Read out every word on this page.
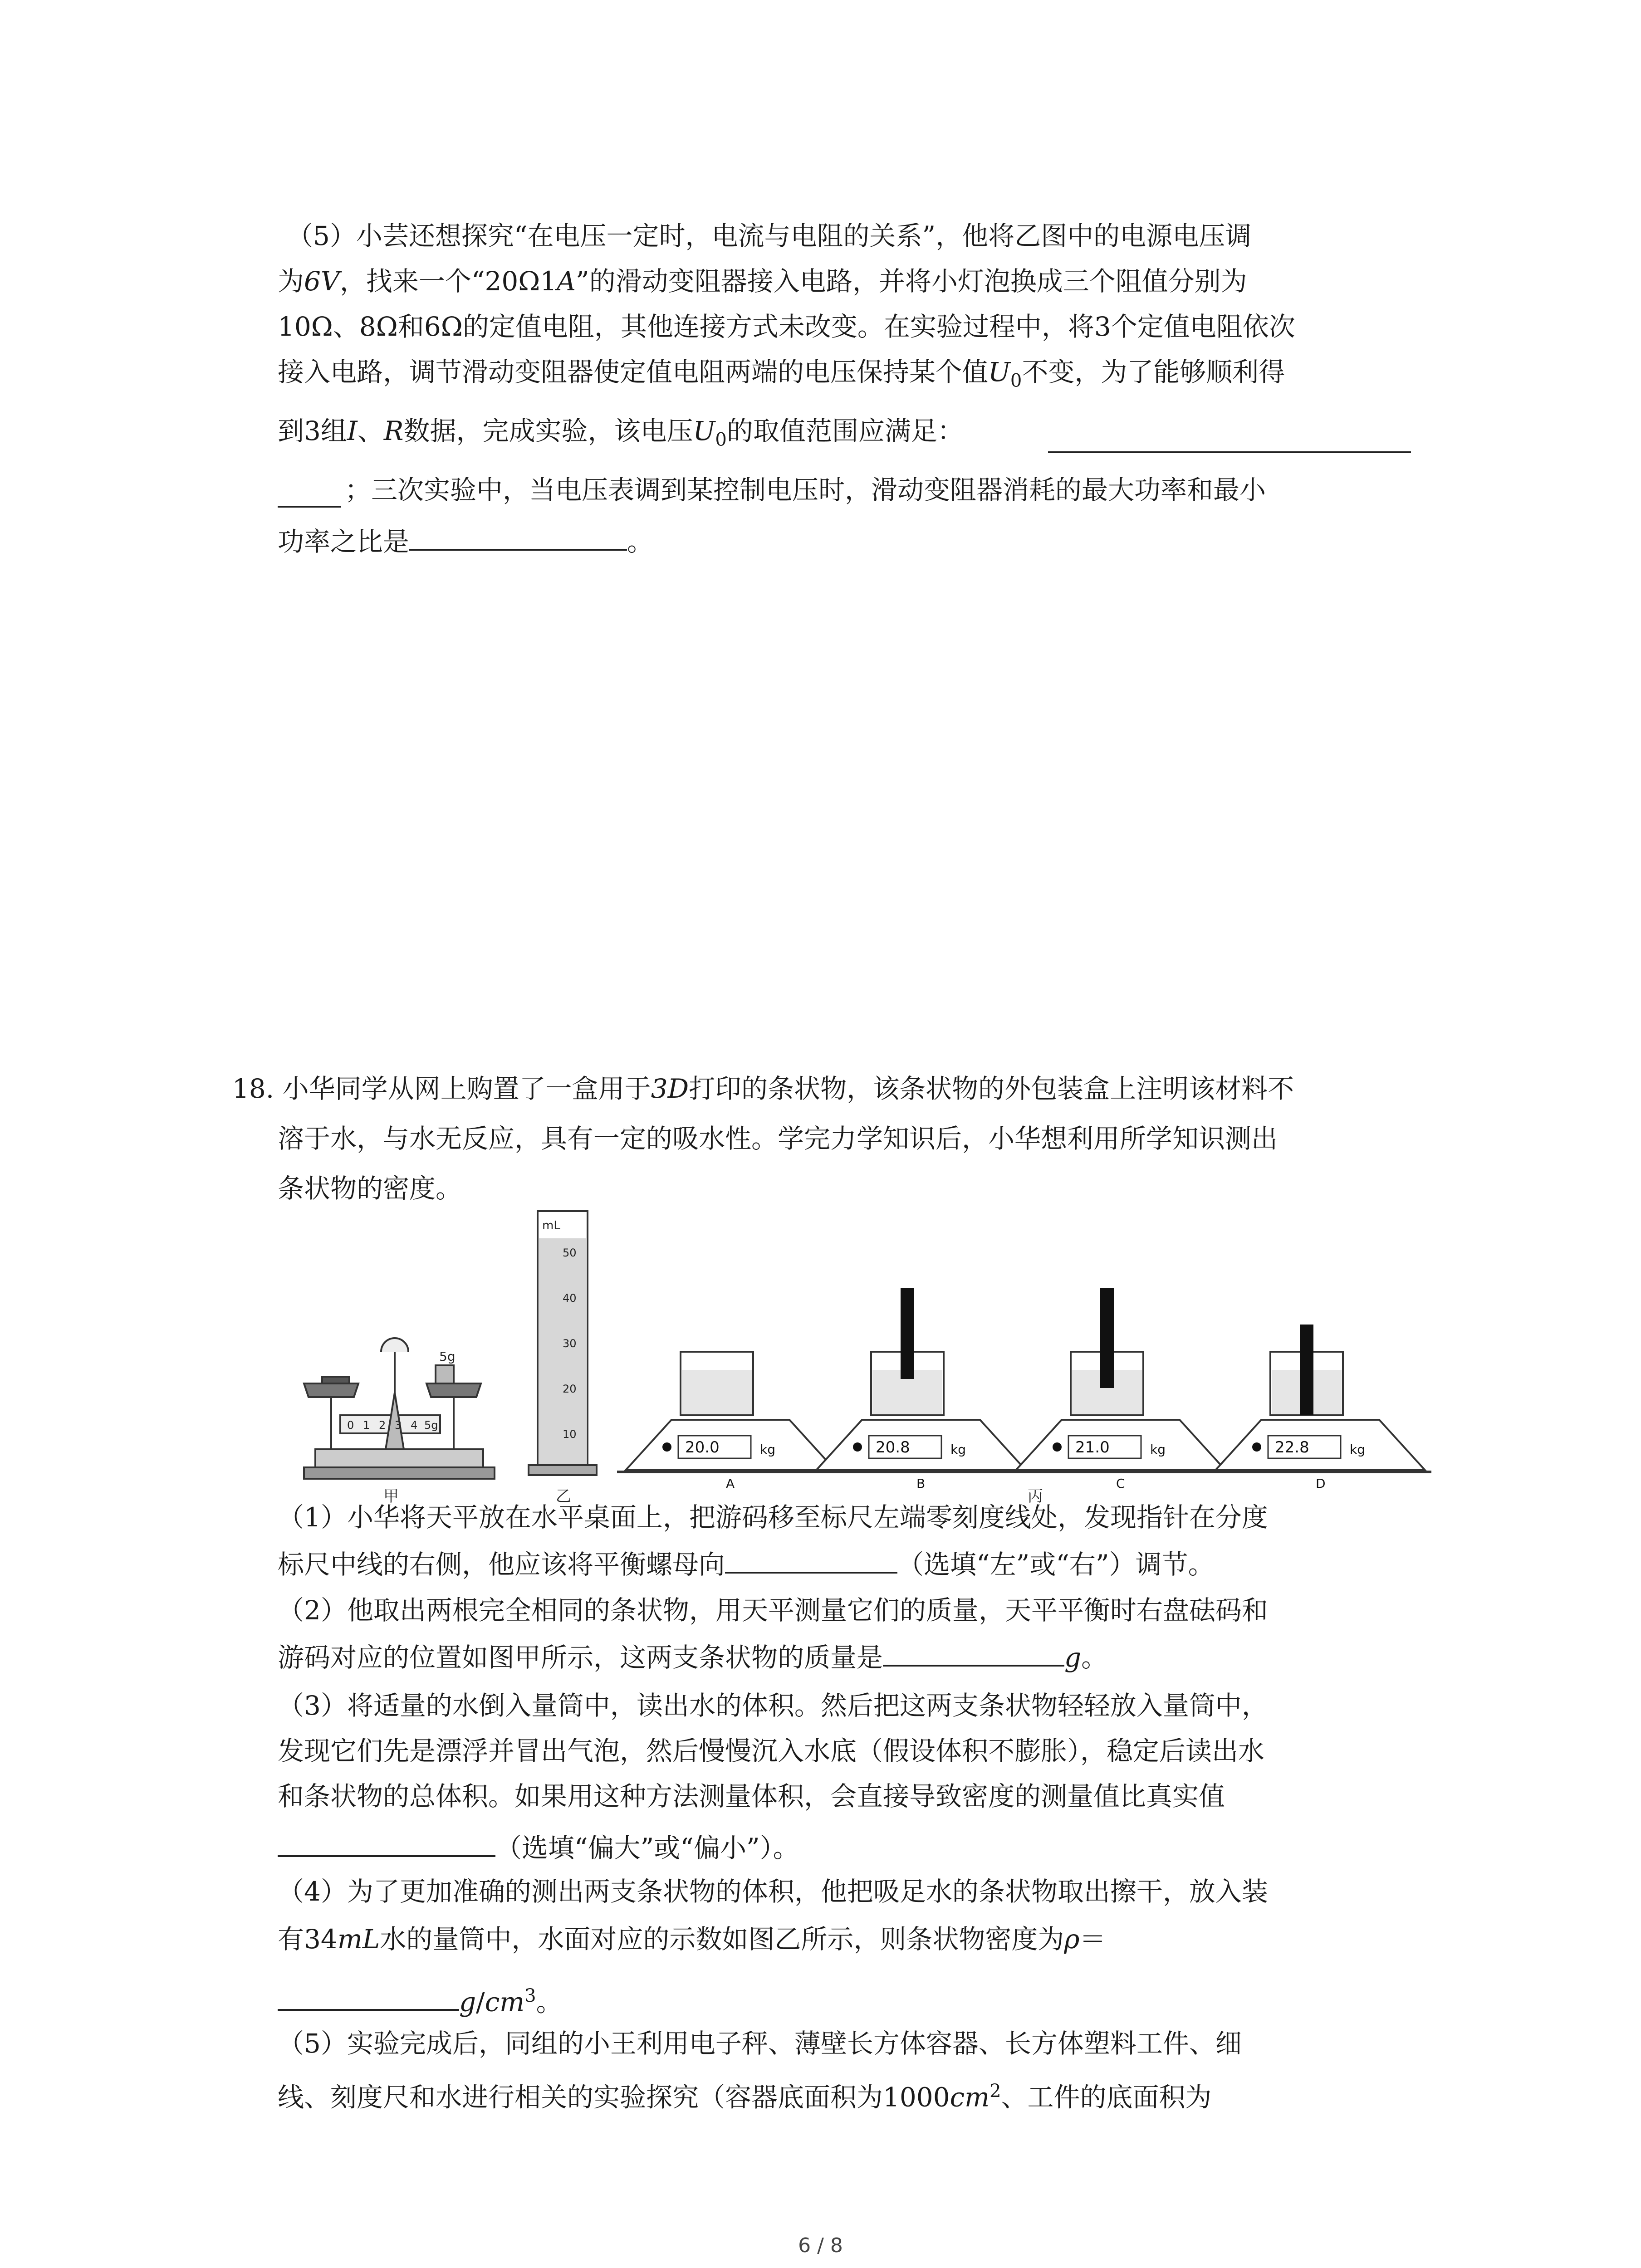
（5）小芸还想探究“在电压一定时，电流与电阻的关系”，他将乙图中的电源电压调
为6V，找来一个“20Ω1A”的滑动变阻器接入电路，并将小灯泡换成三个阻值分别为
10Ω、8Ω和6Ω的定值电阻，其他连接方式未改变。在实验过程中，将3个定值电阻依次
接入电路，调节滑动变阻器使定值电阻两端的电压保持某个值$U_0$不变，为了能够顺利得
到3组I、R数据，完成实验，该电压$U_0$的取值范围应满足：
；三次实验中，当电压表调到某控制电压时，滑动变阻器消耗的最大功率和最小
功率之比是	。
18. 小华同学从网上购置了一盒用于3D打印的条状物，该条状物的外包装盒上注明该材料不
溶于水，与水无反应，具有一定的吸水性。学完力学知识后，小华想利用所学知识测出
条状物的密度。
5g
0 1 2 3 4 5g
甲
mL
50
40
30
20
10
乙
20.0	kg
A
20.8	kg
B
21.0	kg
C
22.8	kg
D
丙
（1）小华将天平放在水平桌面上，把游码移至标尺左端零刻度线处，发现指针在分度
标尺中线的右侧，他应该将平衡螺母向	（选填“左”或“右”）调节。
（2）他取出两根完全相同的条状物，用天平测量它们的质量，天平平衡时右盘砝码和
游码对应的位置如图甲所示，这两支条状物的质量是	g。
（3）将适量的水倒入量筒中，读出水的体积。然后把这两支条状物轻轻放入量筒中，
发现它们先是漂浮并冒出气泡，然后慢慢沉入水底（假设体积不膨胀），稳定后读出水
和条状物的总体积。如果用这种方法测量体积，会直接导致密度的测量值比真实值
（选填“偏大”或“偏小”）。
（4）为了更加准确的测出两支条状物的体积，他把吸足水的条状物取出擦干，放入装
有34mL水的量筒中，水面对应的示数如图乙所示，则条状物密度为ρ＝
$g/cm^3$。
（5）实验完成后，同组的小王利用电子秤、薄壁长方体容器、长方体塑料工件、细
线、刻度尺和水进行相关的实验探究（容器底面积为$1000cm^2$、工件的底面积为
6 / 8
